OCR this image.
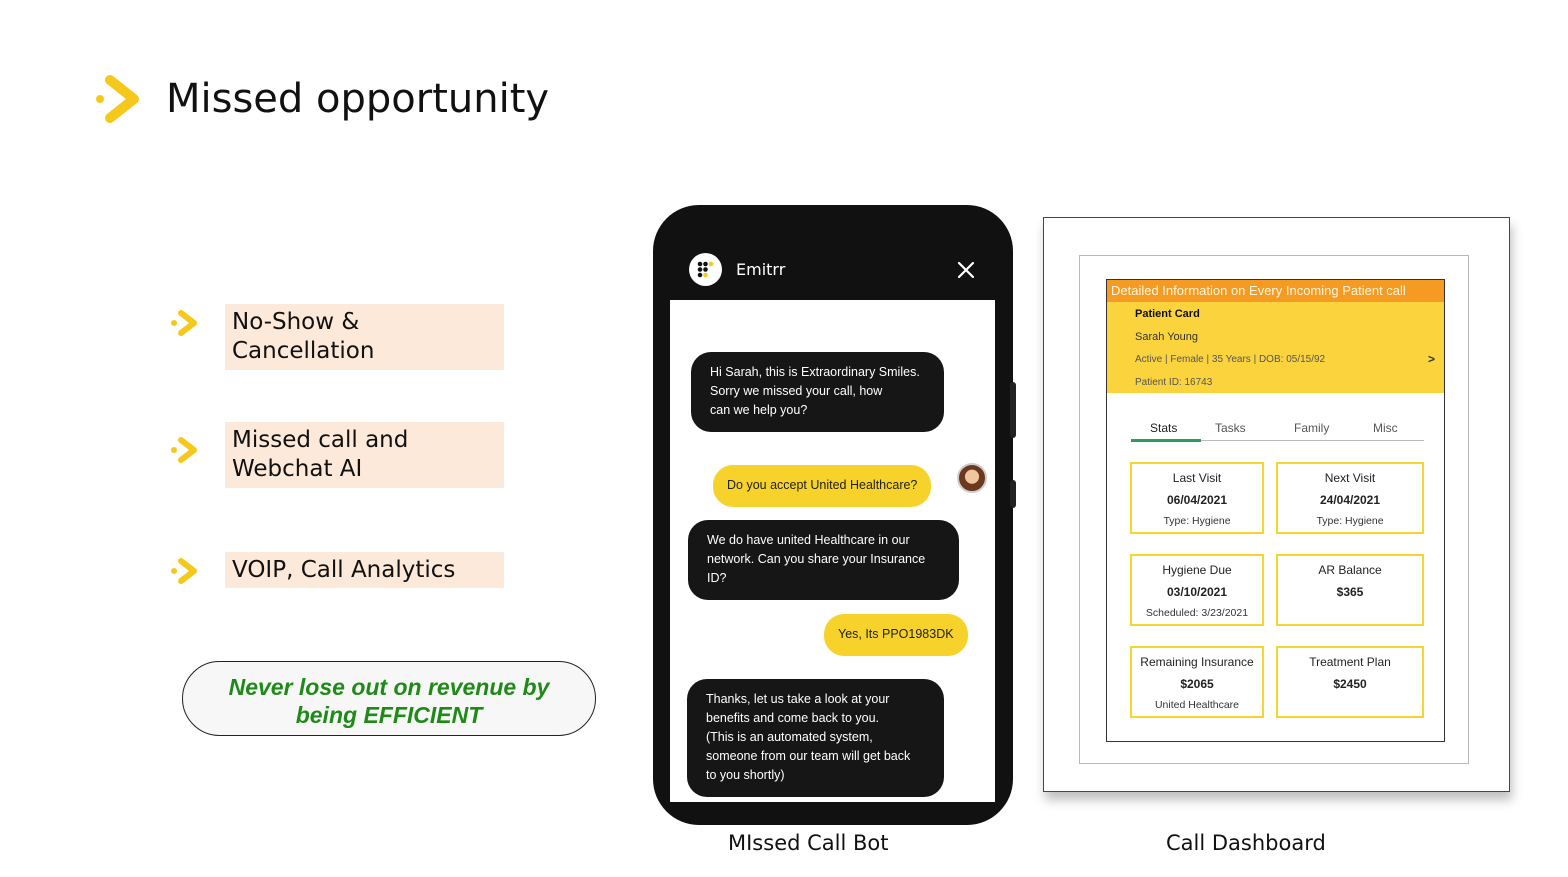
Missed opportunity
No-Show &
Cancellation
Missed call and
Webchat AI
VOIP, Call Analytics
Never lose out on revenue by
being EFFICIENT
Emitrr
Hi Sarah, this is Extraordinary Smiles.
Sorry we missed your call, how
can we help you?
Do you accept United Healthcare?
We do have united Healthcare in our
network. Can you share your Insurance
ID?
Yes, Its PPO1983DK
Thanks, let us take a look at your
benefits and come back to you.
(This is an automated system,
someone from our team will get back
to you shortly)
MIssed Call Bot
Detailed Information on Every Incoming Patient call
Patient Card
Sarah Young
Active | Female | 35 Years | DOB: 05/15/92
Patient ID: 16743
>
Stats	Tasks	Family	Misc
Last Visit
06/04/2021
Type: Hygiene
Next Visit
24/04/2021
Type: Hygiene
Hygiene Due
03/10/2021
Scheduled: 3/23/2021
AR Balance
$365
Remaining Insurance
$2065
United Healthcare
Treatment Plan
$2450
Call Dashboard
